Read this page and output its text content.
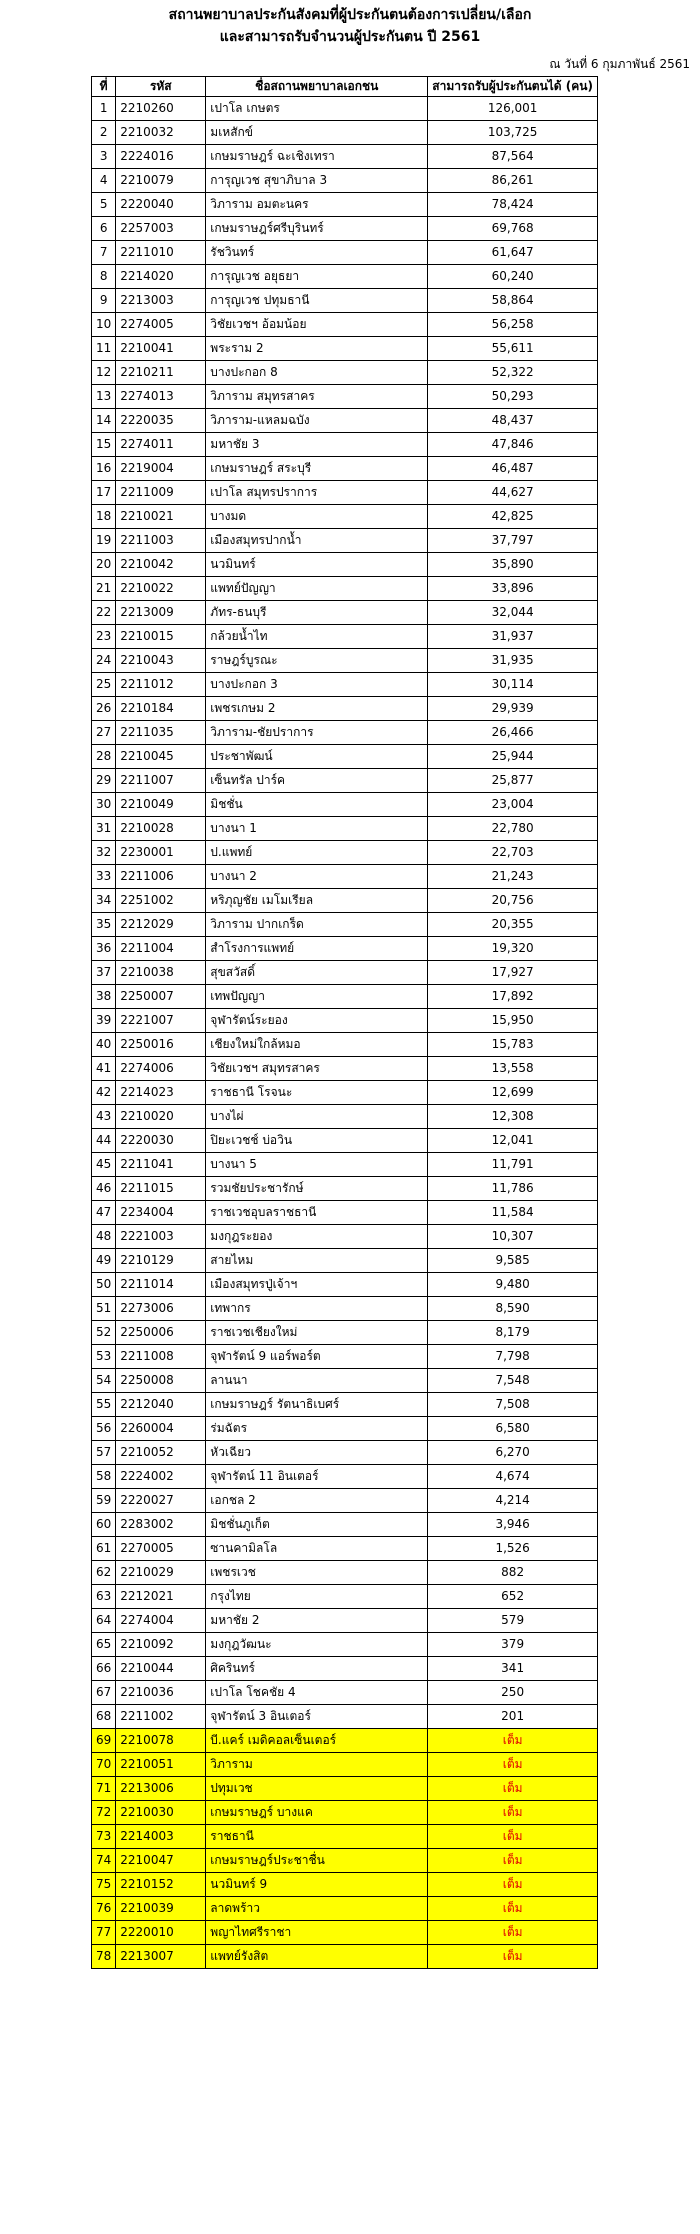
สถานพยาบาลประกันสังคมที่ผู้ประกันตนต้องการเปลี่ยน/เลือก
และสามารถรับจำนวนผู้ประกันตน ปี 2561
ณ วันที่ 6 กุมภาพันธ์ 2561
ที่	รหัส	ชื่อสถานพยาบาลเอกชน	สามารถรับผู้ประกันตนได้ (คน)
1	2210260	เปาโล เกษตร	126,001
2	2210032	มเหสักข์	103,725
3	2224016	เกษมราษฎร์ ฉะเชิงเทรา	87,564
4	2210079	การุญเวช สุขาภิบาล 3	86,261
5	2220040	วิภาราม อมตะนคร	78,424
6	2257003	เกษมราษฎร์ศรีบุรินทร์	69,768
7	2211010	รัชวินทร์	61,647
8	2214020	การุญเวช อยุธยา	60,240
9	2213003	การุญเวช ปทุมธานี	58,864
10	2274005	วิชัยเวชฯ อ้อมน้อย	56,258
11	2210041	พระราม 2	55,611
12	2210211	บางปะกอก 8	52,322
13	2274013	วิภาราม สมุทรสาคร	50,293
14	2220035	วิภาราม-แหลมฉบัง	48,437
15	2274011	มหาชัย 3	47,846
16	2219004	เกษมราษฎร์ สระบุรี	46,487
17	2211009	เปาโล สมุทรปราการ	44,627
18	2210021	บางมด	42,825
19	2211003	เมืองสมุทรปากน้ำ	37,797
20	2210042	นวมินทร์	35,890
21	2210022	แพทย์ปัญญา	33,896
22	2213009	ภัทร-ธนบุรี	32,044
23	2210015	กล้วยน้ำไท	31,937
24	2210043	ราษฎร์บูรณะ	31,935
25	2211012	บางปะกอก 3	30,114
26	2210184	เพชรเกษม 2	29,939
27	2211035	วิภาราม-ชัยปราการ	26,466
28	2210045	ประชาพัฒน์	25,944
29	2211007	เซ็นทรัล ปาร์ค	25,877
30	2210049	มิชชั่น	23,004
31	2210028	บางนา 1	22,780
32	2230001	ป.แพทย์	22,703
33	2211006	บางนา 2	21,243
34	2251002	หริภุญชัย เมโมเรียล	20,756
35	2212029	วิภาราม ปากเกร็ด	20,355
36	2211004	สำโรงการแพทย์	19,320
37	2210038	สุขสวัสดิ์	17,927
38	2250007	เทพปัญญา	17,892
39	2221007	จุฬารัตน์ระยอง	15,950
40	2250016	เชียงใหม่ใกล้หมอ	15,783
41	2274006	วิชัยเวชฯ สมุทรสาคร	13,558
42	2214023	ราชธานี โรจนะ	12,699
43	2210020	บางไผ่	12,308
44	2220030	ปิยะเวชช์ บ่อวิน	12,041
45	2211041	บางนา 5	11,791
46	2211015	รวมชัยประชารักษ์	11,786
47	2234004	ราชเวชอุบลราชธานี	11,584
48	2221003	มงกุฎระยอง	10,307
49	2210129	สายไหม	9,585
50	2211014	เมืองสมุทรปู่เจ้าฯ	9,480
51	2273006	เทพากร	8,590
52	2250006	ราชเวชเชียงใหม่	8,179
53	2211008	จุฬารัตน์ 9 แอร์พอร์ต	7,798
54	2250008	ลานนา	7,548
55	2212040	เกษมราษฎร์ รัตนาธิเบศร์	7,508
56	2260004	ร่มฉัตร	6,580
57	2210052	หัวเฉียว	6,270
58	2224002	จุฬารัตน์ 11 อินเตอร์	4,674
59	2220027	เอกชล 2	4,214
60	2283002	มิชชั่นภูเก็ต	3,946
61	2270005	ซานคามิลโล	1,526
62	2210029	เพชรเวช	882
63	2212021	กรุงไทย	652
64	2274004	มหาชัย 2	579
65	2210092	มงกุฎวัฒนะ	379
66	2210044	ศิครินทร์	341
67	2210036	เปาโล โชคชัย 4	250
68	2211002	จุฬารัตน์ 3 อินเตอร์	201
69	2210078	บี.แคร์ เมดิคอลเซ็นเตอร์	เต็ม
70	2210051	วิภาราม	เต็ม
71	2213006	ปทุมเวช	เต็ม
72	2210030	เกษมราษฎร์ บางแค	เต็ม
73	2214003	ราชธานี	เต็ม
74	2210047	เกษมราษฎร์ประชาชื่น	เต็ม
75	2210152	นวมินทร์ 9	เต็ม
76	2210039	ลาดพร้าว	เต็ม
77	2220010	พญาไทศรีราชา	เต็ม
78	2213007	แพทย์รังสิต	เต็ม
